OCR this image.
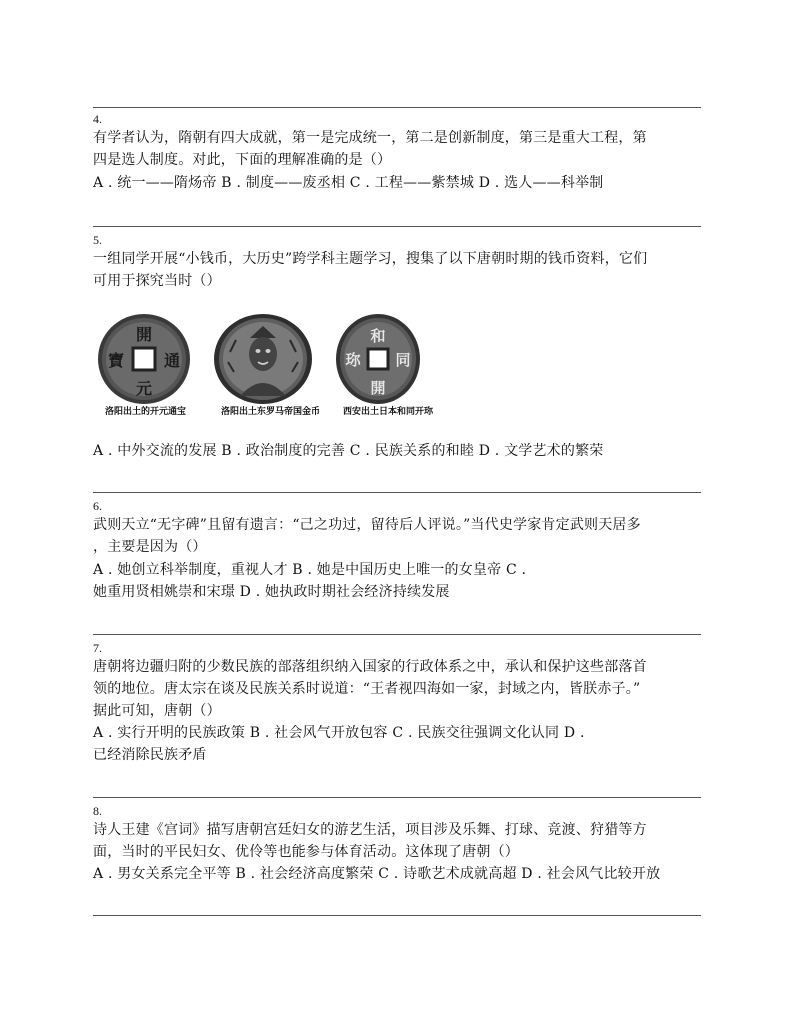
4.
有学者认为，隋朝有四大成就，第一是完成统一，第二是创新制度，第三是重大工程，第
四是选人制度。对此，下面的理解准确的是（）
A . 统一——隋炀帝 B . 制度——废丞相 C . 工程——紫禁城 D . 选人——科举制
5.
一组同学开展“小钱币，大历史”跨学科主题学习，搜集了以下唐朝时期的钱币资料，它们
可用于探究当时（）
開
元
通
寶
和
開
同
珎
洛阳出土的开元通宝	洛阳出土东罗马帝国金币	西安出土日本和同开珎
A . 中外交流的发展 B . 政治制度的完善 C . 民族关系的和睦 D . 文学艺术的繁荣
6.
武则天立“无字碑”且留有遗言：“己之功过，留待后人评说。”当代史学家肯定武则天居多
，主要是因为（）
A . 她创立科举制度，重视人才 B . 她是中国历史上唯一的女皇帝 C .
她重用贤相姚崇和宋璟 D . 她执政时期社会经济持续发展
7.
唐朝将边疆归附的少数民族的部落组织纳入国家的行政体系之中，承认和保护这些部落首
领的地位。唐太宗在谈及民族关系时说道：“王者视四海如一家，封域之内，皆朕赤子。”
据此可知，唐朝（）
A . 实行开明的民族政策 B . 社会风气开放包容 C . 民族交往强调文化认同 D .
已经消除民族矛盾
8.
诗人王建《宫词》描写唐朝宫廷妇女的游艺生活，项目涉及乐舞、打球、竞渡、狩猎等方
面，当时的平民妇女、优伶等也能参与体育活动。这体现了唐朝（）
A . 男女关系完全平等 B . 社会经济高度繁荣 C . 诗歌艺术成就高超 D . 社会风气比较开放
